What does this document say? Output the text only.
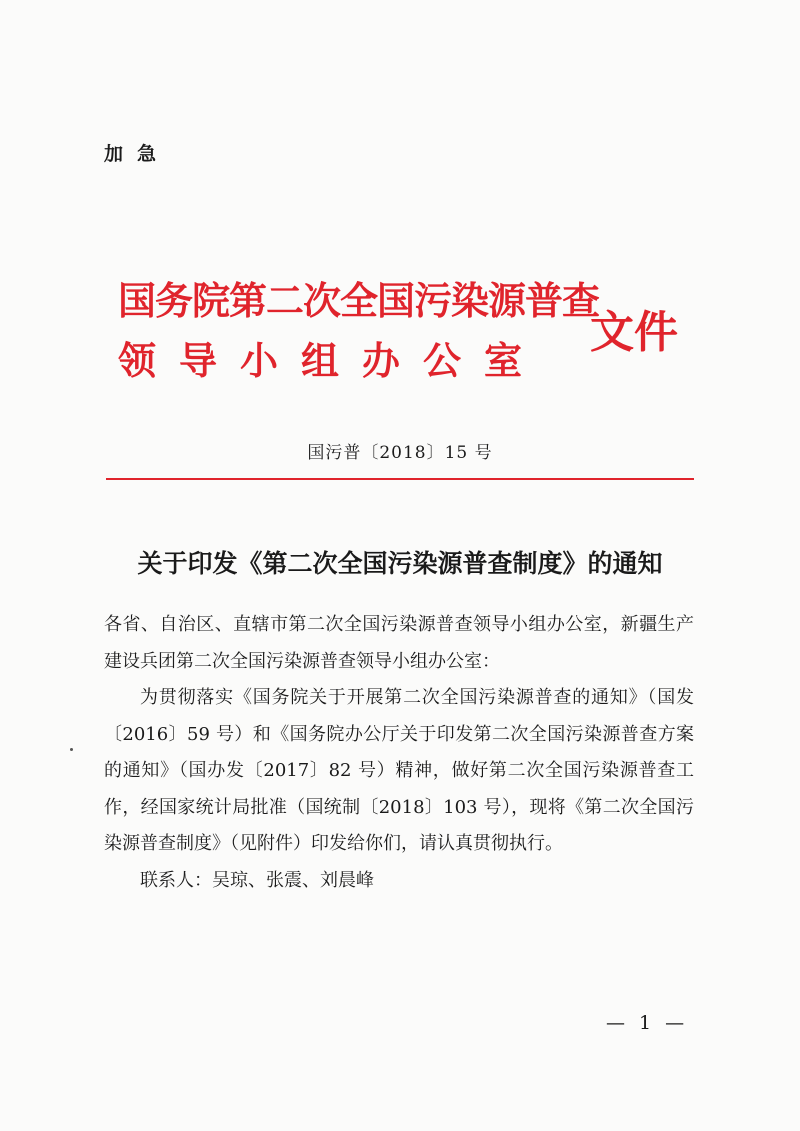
加急
国务院第二次全国污染源普查
领导小组办公室
文件
国污普〔2018〕15 号
关于印发《第二次全国污染源普查制度》的通知

各省、自治区、直辖市第二次全国污染源普查领导小组办公室，新疆生产建设兵团第二次全国污染源普查领导小组办公室：

为贯彻落实《国务院关于开展第二次全国污染源普查的通知》（国发〔2016〕59 号）和《国务院办公厅关于印发第二次全国污染源普查方案的通知》（国办发〔2017〕82 号）精神，做好第二次全国污染源普查工作，经国家统计局批准（国统制〔2018〕103 号），现将《第二次全国污染源普查制度》（见附件）印发给你们，请认真贯彻执行。

联系人：吴琼、张震、刘晨峰

— 1 —
